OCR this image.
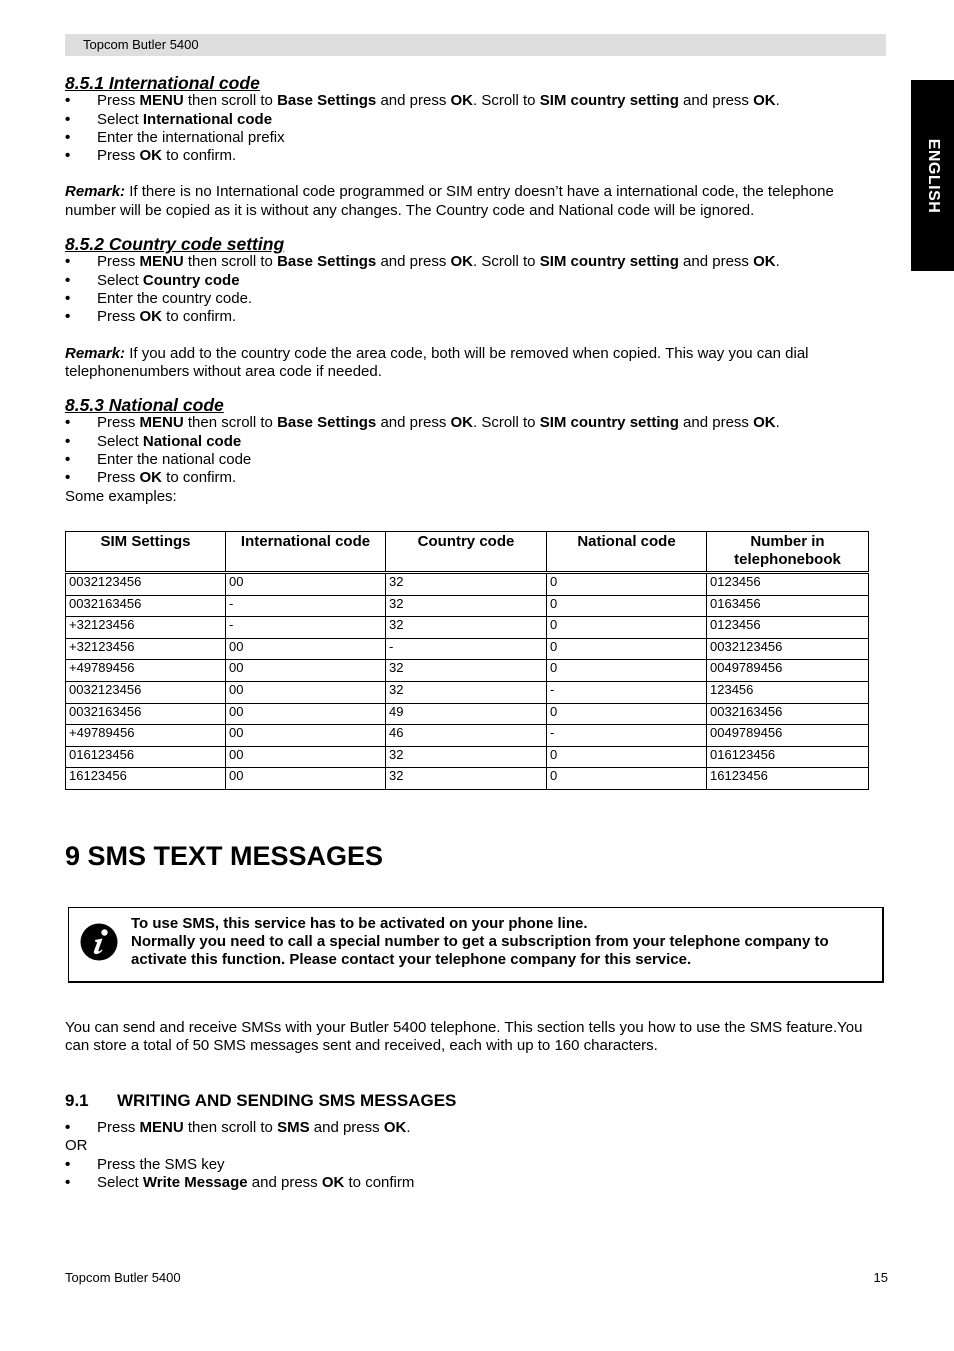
Topcom Butler 5400
ENGLISH
8.5.1 International code
• Press MENU then scroll to Base Settings and press OK. Scroll to SIM country setting and press OK.
• Select International code
• Enter the international prefix
• Press OK to confirm.

Remark: If there is no International code programmed or SIM entry doesn’t have a international code, the telephone number will be copied as it is without any changes. The Country code and National code will be ignored.

8.5.2 Country code setting
• Press MENU then scroll to Base Settings and press OK. Scroll to SIM country setting and press OK.
• Select Country code
• Enter the country code.
• Press OK to confirm.

Remark: If you add to the country code the area code, both will be removed when copied. This way you can dial telephonenumbers without area code if needed.

8.5.3 National code
• Press MENU then scroll to Base Settings and press OK. Scroll to SIM country setting and press OK.
• Select National code
• Enter the national code
• Press OK to confirm.

Some examples:

SIM Settings	International code	Country code	National code	Number in telephonebook
0032123456	00	32	0	0123456
0032163456	-	32	0	0163456
+32123456	-	32	0	0123456
+32123456	00	-	0	0032123456
+49789456	00	32	0	0049789456
0032123456	00	32	-	123456
0032163456	00	49	0	0032163456
+49789456	00	46	-	0049789456
016123456	00	32	0	016123456
16123456	00	32	0	16123456
9 SMS TEXT MESSAGES
To use SMS, this service has to be activated on your phone line.
Normally you need to call a special number to get a subscription from your telephone company to activate this function. Please contact your telephone company for this service.

You can send and receive SMSs with your Butler 5400 telephone. This section tells you how to use the SMS feature.You can store a total of 50 SMS messages sent and received, each with up to 160 characters.

9.1 WRITING AND SENDING SMS MESSAGES
• Press MENU then scroll to SMS and press OK.

OR

• Press the SMS key
• Select Write Message and press OK to confirm
Topcom Butler 5400	15
